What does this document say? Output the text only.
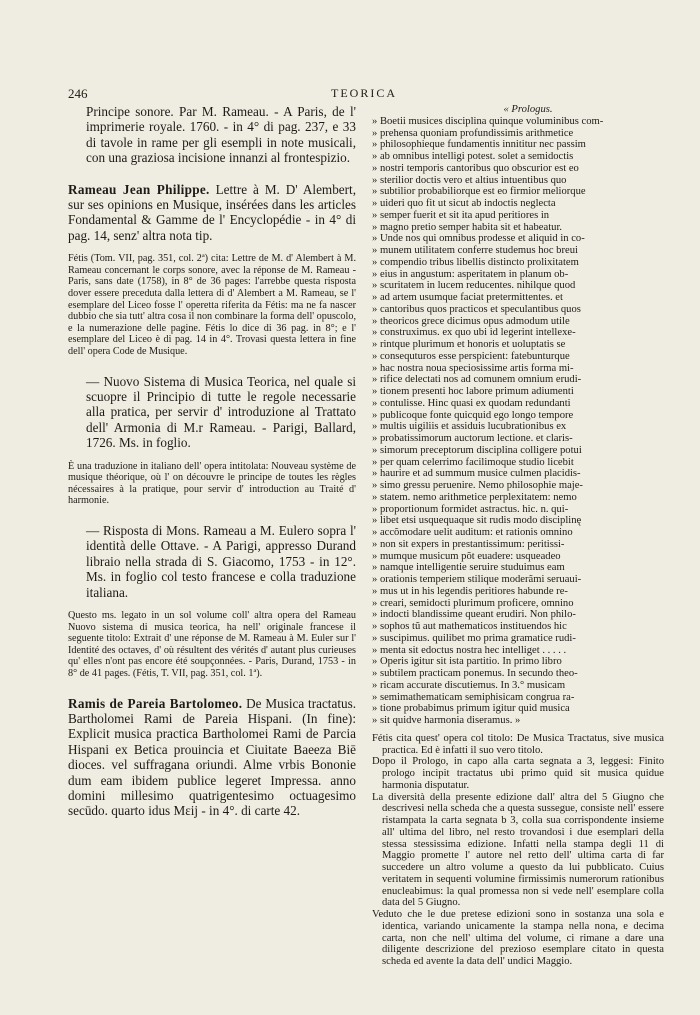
246	TEORICA

Principe sonore. Par M. Rameau. - A Paris, de l' imprimerie royale. 1760. - in 4° di pag. 237, e 33 di tavole in rame per gli esempli in note musicali, con una graziosa incisione innanzi al frontespizio.

Rameau Jean Philippe. Lettre à M. D' Alembert, sur ses opinions en Musique, inséréeѕ dans les articles Fondamental & Gamme de l' Encyclopédie - in 4° di pag. 14, senz' altra nota tip.

Fétis (Tom. VII, pag. 351, col. 2ª) cita: Lettre de M. d' Alembert à M. Rameau concernant le corps sonore, avec la réponse de M. Rameau - Paris, sans date (1758), in 8° de 36 pages: l'arrebbe questa risposta dover essere preceduta dalla lettera di d' Alembert a M. Rameau, se l' esemplare del Liceo fosse l' operetta riferita da Fétis: ma ne fa nascer dubbio che sia tutt' altra cosa il non combinare la forma dell' opuscolo, e la numerazione delle pagine. Fétis lo dice di 36 pag. in 8°; e l' esemplare del Liceo è di pag. 14 in 4°. Trovasi questa lettera in fine dell' opera Code de Musique.

— Nuovo Sistema di Musica Teorica, nel quale si scuopre il Principio di tutte le regole necessarie alla pratica, per servir d' introduzione al Trattato dell' Armonia di M.r Rameau. - Parigi, Ballard, 1726. Ms. in foglio.

È una traduzione in italiano dell' opera intitolata: Nouveau système de musique théorique, où l' on découvre le principe de toutes les règles nécessaires à la pratique, pour servir d' introduction au Traité d' harmonie.

— Risposta di Mons. Rameau a M. Eulero sopra l' identità delle Ottave. - A Parigi, appresso Durand libraio nella strada di S. Giacomo, 1753 - in 12°. Ms. in foglio col testo francese e colla traduzione italiana.

Questo ms. legato in un sol volume coll' altra opera del Rameau Nuovo sistema di musica teorica, ha nell' originale francese il seguente titolo: Extrait d' une réponse de M. Rameau à M. Euler sur l' Identité des octaves, d' où résultent des vérités d' autant plus curieuses qu' elles n'ont pas encore été soupçonnées. - Paris, Durand, 1753 - in 8° de 41 pages. (Fétis, T. VII, pag. 351, col. 1ª).

Ramis de Pareia Bartolomeo. De Musica tractatus. Bartholomei Rami de Pareia Hispani. (In fine): Explicit musica practica Bartholomei Rami de Parcia Hispani ex Betica prouincia et Ciuitate Baeeza Biē dioces. vel suffragana oriundi. Alme vrbis Bononie dum eam ibidem publice legeret Impressa. anno domini millesimo quatrigentesimo octuagesimo secūdo. quarto idus Mεij - in 4°. di carte 42.

« Prologus.

» Boetii musices disciplina quinque voluminibus com-
» prehensa quoniam profundissimis arithmetice
» philosophieque fundamentis innititur nec passim
» ab omnibus intelligi potest. solet a semidoctis
» nostri temporis cantoribus quo obscurior est eo
» sterilior doctis vero et altius intuentibus quo
» subtilior probabiliorque est eo firmior meliorque
» uideri quo fit ut sicut ab indoctis neglecta
» semper fuerit et sit ita apud peritiores in
» magno pretio semper habita sit et habeatur.
» Unde nos qui omnibus prodesse et aliquid in co-
» munem utilitatem conferre studemus hoc breui
» compendio tribus libellis distincto prolixitatem
» eius in angustum: asperitatem in planum ob-
» scuritatem in lucem reducentes. nihilque quod
» ad artem usumque faciat pretermittentes. et
» cantoribus quos practicos et speculantibus quos
» theoricos grece dicimus opus admodum utile
» construximus. ex quo ubi id legerint intellexe-
» rintque plurimum et honoris et uoluptatis se
» consequturos esse perspicient: fatebunturque
» hac nostra noua speciosissime artis forma mi-
» rifice delectati nos ad comunem omnium erudi-
» tionem presenti hoc labore primum adiumenti
» contulisse. Hinc quasi ex quodam redundanti
» publicoque fonte quicquid ego longo tempore
» multis uigiliis et assiduis lucubrationibus ex
» probatissimorum auctorum lectione. et claris-
» simorum preceptorum disciplina colligere potui
» per quam celerrimo facilimoque studio licebit
» haurire et ad summum musice culmen placidis-
» simo gressu peruenire. Nemo philosophie maje-
» statem. nemo arithmetice perplexitatem: nemo
» proportionum formidet astractus. hic. n. qui-
» libet etsi usquequaque sit rudis modo disciplinę
» accõmodare uelit auditum: et rationis omnino
» non sit expers in prestantissimum: peritissi-
» mumque musicum põt euadere: usqueadeo
» namque intelligentie seruire studuimus eam
» orationis temperiem stilique moderãmi seruaui-
» mus ut in his legendis peritiores habunde re-
» creari, semidocti plurimum proficere, omnino
» indocti blandissime queant erudiri. Non philo-
» sophos tũ aut mathematicos instituendos hic
» suscipimus. quilibet mo prima gramatice rudi-
» menta sit edoctus nostra hec intelliget . . . . .
» Operis igitur sit ista partitio. In primo libro
» subtilem practicam ponemus. In secundo theo-
» ricam accurate discutiemus. In 3.° musicam
» semimathematicam semiphisicam congrua ra-
» tione probabimus primum igitur quid musica
» sit quidve harmonia diseramus. »

Fétis cita quest' opera col titolo: De Musica Tractatus, sive musica practica. Ed è infatti il suo vero titolo.

Dopo il Prologo, in capo alla carta segnata a 3, leggesi: Finito prologo incipit tractatus ubi primo quid sit musica quidue harmonia disputatur.

La diversità della presente edizione dall' altra del 5 Giugno che descrivesi nella scheda che a questa sussegue, consiste nell' essere ristampata la carta segnata b 3, colla sua corrispondente insieme all' ultima del libro, nel resto trovandosi i due esemplari della stessa stessissima edizione. Infatti nella stampa degli 11 di Maggio promette l' autore nel retto dell' ultima carta di far succedere un altro volume a questo da lui pubblicato. Cuius veritatem in sequenti volumine firmissimis numerorum rationibus enucleabimus: la qual promessa non si vede nell' esemplare colla data del 5 Giugno.

Veduto che le due pretese edizioni sono in sostanza una sola e identica, variando unicamente la stampa nella nona, e decima carta, non che nell' ultima del volume, ci rimane a dare una diligente descrizione del prezioso esemplare citato in questa scheda ed avente la data dell' undici Maggio.
